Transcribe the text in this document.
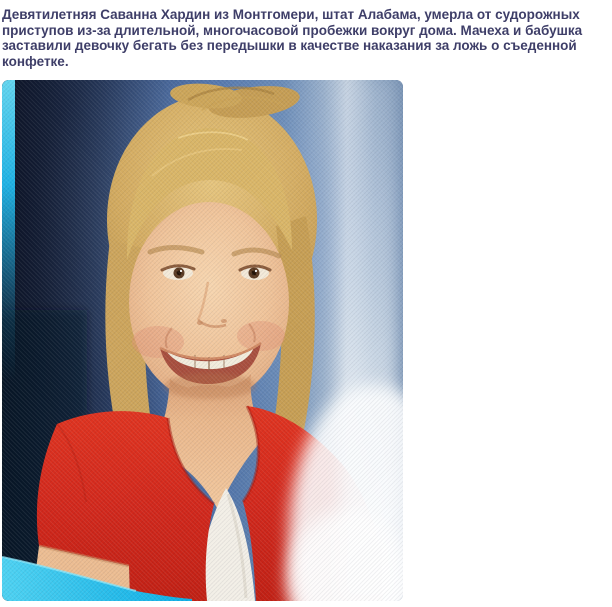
Девятилетняя Саванна Хардин из Монтгомери, штат Алабама, умерла от судорожных
приступов из-за длительной, многочасовой пробежки вокруг дома. Мачеха и бабушка
заставили девочку бегать без передышки в качестве наказания за ложь о съеденной
конфетке.
